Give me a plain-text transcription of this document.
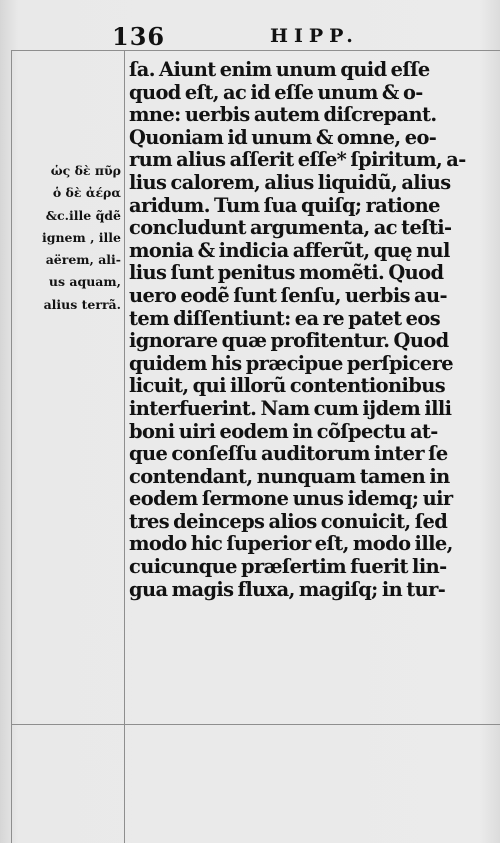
136	HIPP.
ὡς δὲ πῦρ
ὁ δὲ ἀέρα
&c.ille q̃dẽ
ignem , ille
aërem, ali-
us aquam,
alius terrã.
ſa. Aiunt enim unum quid eſſe
quod eſt, ac id eſſe unum & o-
mne: uerbis autem diſcrepant.
Quoniam id unum & omne, eo-
rum alius aſſerit eſſe* ſpiritum, a-
lius calorem, alius liquidũ, alius
aridum. Tum ſua quiſq; ratione
concludunt argumenta, ac teſti-
monia & indicia afferũt, quę nul
lius ſunt penitus momẽti. Quod
uero eodẽ ſunt ſenſu, uerbis au-
tem diſſentiunt: ea re patet eos
ignorare quæ profitentur. Quod
quidem his præcipue perſpicere
licuit, qui illorũ contentionibus
interfuerint. Nam cum ijdem illi
boni uiri eodem in cõſpectu at-
que conſeſſu auditorum inter ſe
contendant, nunquam tamen in
eodem ſermone unus idemq; uir
tres deinceps alios conuicit, ſed
modo hic ſuperior eſt, modo ille,
cuicunque præſertim fuerit lin-
gua magis fluxa, magiſq; in tur-
